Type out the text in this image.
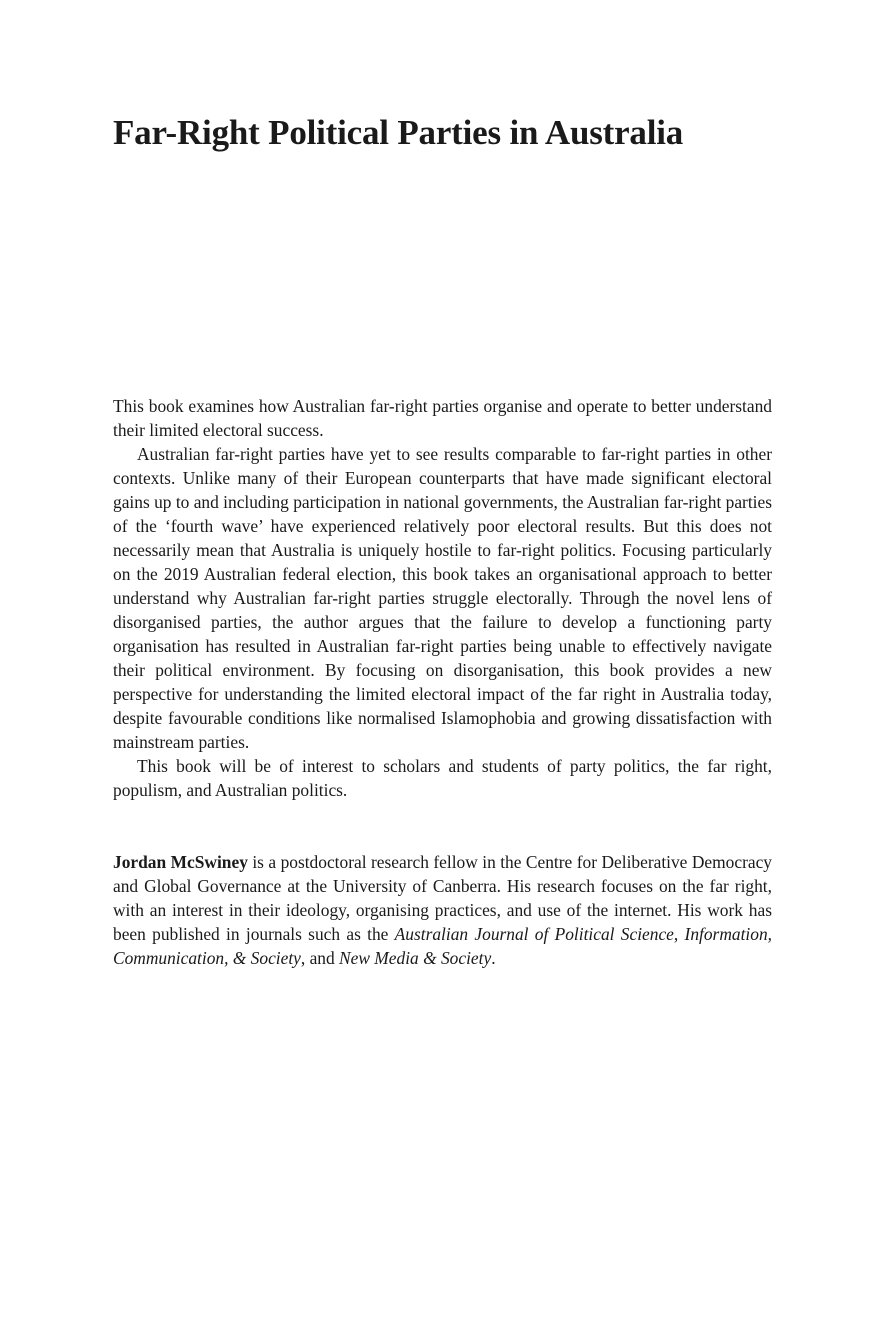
Far-Right Political Parties in Australia

This book examines how Australian far-right parties organise and operate to better understand their limited electoral success.

Australian far-right parties have yet to see results comparable to far-right parties in other contexts. Unlike many of their European counterparts that have made significant electoral gains up to and including participation in national governments, the Australian far-right parties of the ‘fourth wave’ have experienced relatively poor electoral results. But this does not necessarily mean that Australia is uniquely hostile to far-right politics. Focusing particularly on the 2019 Australian federal election, this book takes an organisational approach to better understand why Australian far-right parties struggle electorally. Through the novel lens of disorganised parties, the author argues that the failure to develop a functioning party organisation has resulted in Australian far-right parties being unable to effectively navigate their political environment. By focusing on disorganisation, this book provides a new perspective for understanding the limited electoral impact of the far right in Australia today, despite favourable conditions like normalised Islamophobia and growing dissatisfaction with mainstream parties.

This book will be of interest to scholars and students of party politics, the far right, populism, and Australian politics.

Jordan McSwiney is a postdoctoral research fellow in the Centre for Deliberative Democracy and Global Governance at the University of Canberra. His research focuses on the far right, with an interest in their ideology, organising practices, and use of the internet. His work has been published in journals such as the Australian Journal of Political Science, Information, Communication, & Society, and New Media & Society.
